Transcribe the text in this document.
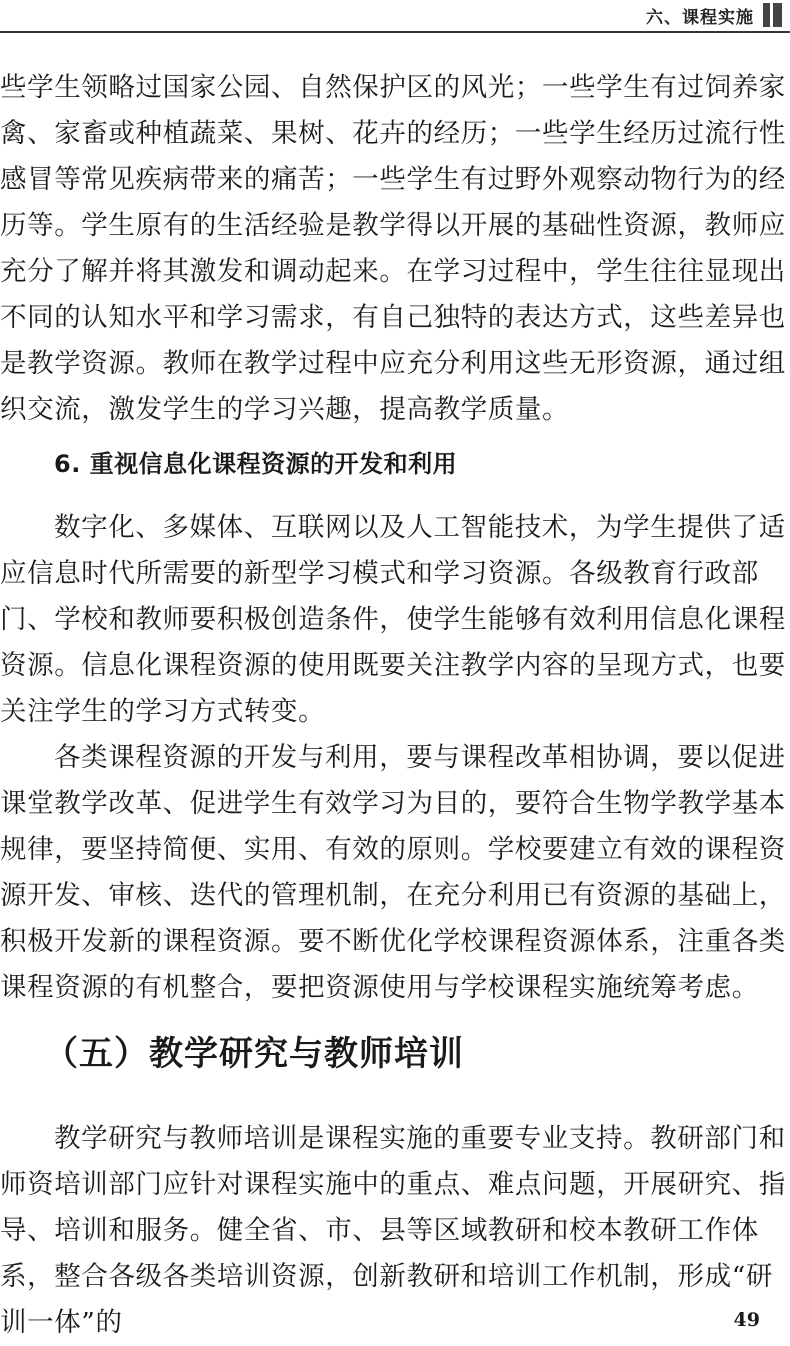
六、课程实施

些学生领略过国家公园、自然保护区的风光；一些学生有过饲养家禽、家畜或种植蔬菜、果树、花卉的经历；一些学生经历过流行性感冒等常见疾病带来的痛苦；一些学生有过野外观察动物行为的经历等。学生原有的生活经验是教学得以开展的基础性资源，教师应充分了解并将其激发和调动起来。在学习过程中，学生往往显现出不同的认知水平和学习需求，有自己独特的表达方式，这些差异也是教学资源。教师在教学过程中应充分利用这些无形资源，通过组织交流，激发学生的学习兴趣，提高教学质量。

6. 重视信息化课程资源的开发和利用

数字化、多媒体、互联网以及人工智能技术，为学生提供了适应信息时代所需要的新型学习模式和学习资源。各级教育行政部门、学校和教师要积极创造条件，使学生能够有效利用信息化课程资源。信息化课程资源的使用既要关注教学内容的呈现方式，也要关注学生的学习方式转变。

各类课程资源的开发与利用，要与课程改革相协调，要以促进课堂教学改革、促进学生有效学习为目的，要符合生物学教学基本规律，要坚持简便、实用、有效的原则。学校要建立有效的课程资源开发、审核、迭代的管理机制，在充分利用已有资源的基础上，积极开发新的课程资源。要不断优化学校课程资源体系，注重各类课程资源的有机整合，要把资源使用与学校课程实施统筹考虑。

（五）教学研究与教师培训

教学研究与教师培训是课程实施的重要专业支持。教研部门和师资培训部门应针对课程实施中的重点、难点问题，开展研究、指导、培训和服务。健全省、市、县等区域教研和校本教研工作体系，整合各级各类培训资源，创新教研和培训工作机制，形成“研训一体”的	49
